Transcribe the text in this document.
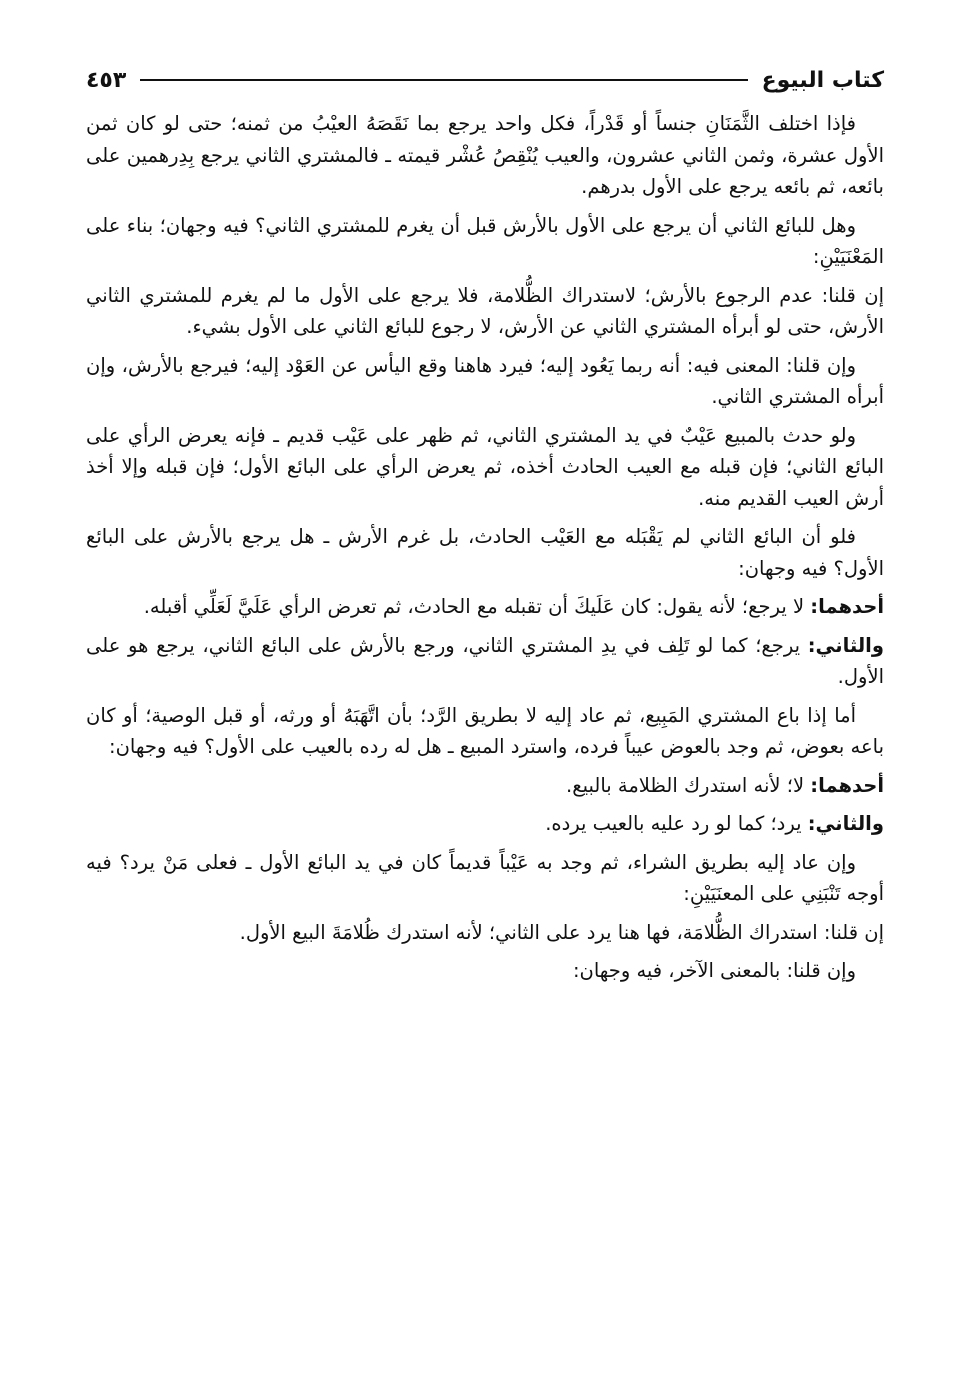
كتاب البيوع
٤٥٣

فإذا اختلف الثَّمَنَانِ جنساً أو قَدْراً، فكل واحد يرجع بما نَقَصَهُ العيْبُ من ثمنه؛ حتى لو كان ثمن الأول عشرة، وثمن الثاني عشرون، والعيب يُنْقِصُ عُشْر قيمته ـ فالمشتري الثاني يرجع بِدِرهمين على بائعه، ثم بائعه يرجع على الأول بدرهم.

وهل للبائع الثاني أن يرجع على الأول بالأرش قبل أن يغرم للمشتري الثاني؟ فيه وجهان؛ بناء على المَعْنَيَيْنِ:

إن قلنا: عدم الرجوع بالأرش؛ لاستدراك الظُّلامة، فلا يرجع على الأول ما لم يغرم للمشتري الثاني الأرش، حتى لو أبرأه المشتري الثاني عن الأرش، لا رجوع للبائع الثاني على الأول بشيء.

وإن قلنا: المعنى فيه: أنه ربما يَعُود إليه؛ فيرد هاهنا وقع اليأس عن العَوْد إليه؛ فيرجع بالأرش، وإن أبرأه المشتري الثاني.

ولو حدث بالمبيع عَيْبٌ في يد المشتري الثاني، ثم ظهر على عَيْب قديم ـ فإنه يعرض الرأي على البائع الثاني؛ فإن قبله مع العيب الحادث أخذه، ثم يعرض الرأي على البائع الأول؛ فإن قبله وإلا أخذ أرش العيب القديم منه.

فلو أن البائع الثاني لم يَقْبَله مع العَيْب الحادث، بل غرم الأرش ـ هل يرجع بالأرش على البائع الأول؟ فيه وجهان:

أحدهما: لا يرجع؛ لأنه يقول: كان عَلَيكَ أن تقبله مع الحادث، ثم تعرض الرأي عَلَيَّ لَعَلِّي أقبله.

والثاني: يرجع؛ كما لو تَلِف في يدِ المشتري الثاني، ورجع بالأرش على البائع الثاني، يرجع هو على الأول.

أما إذا باع المشتري المَبِيع، ثم عاد إليه لا بطريق الرَّد؛ بأن اتَّهَبَهُ أو ورثه، أو قبل الوصية؛ أو كان باعه بعوض، ثم وجد بالعوض عيباً فرده، واسترد المبيع ـ هل له رده بالعيب على الأول؟ فيه وجهان:

أحدهما: لا؛ لأنه استدرك الظلامة بالبيع.

والثاني: يرد؛ كما لو رد عليه بالعيب يرده.

وإن عاد إليه بطريق الشراء، ثم وجد به عَيْباً قديماً كان في يد البائع الأول ـ فعلى مَنْ يرد؟ فيه أوجه تَنْبَنِي على المعنَيَيْنِ:

إن قلنا: استدراك الظُّلامَة، فها هنا يرد على الثاني؛ لأنه استدرك ظُلامَةَ البيع الأول.

وإن قلنا: بالمعنى الآخر، فيه وجهان:
